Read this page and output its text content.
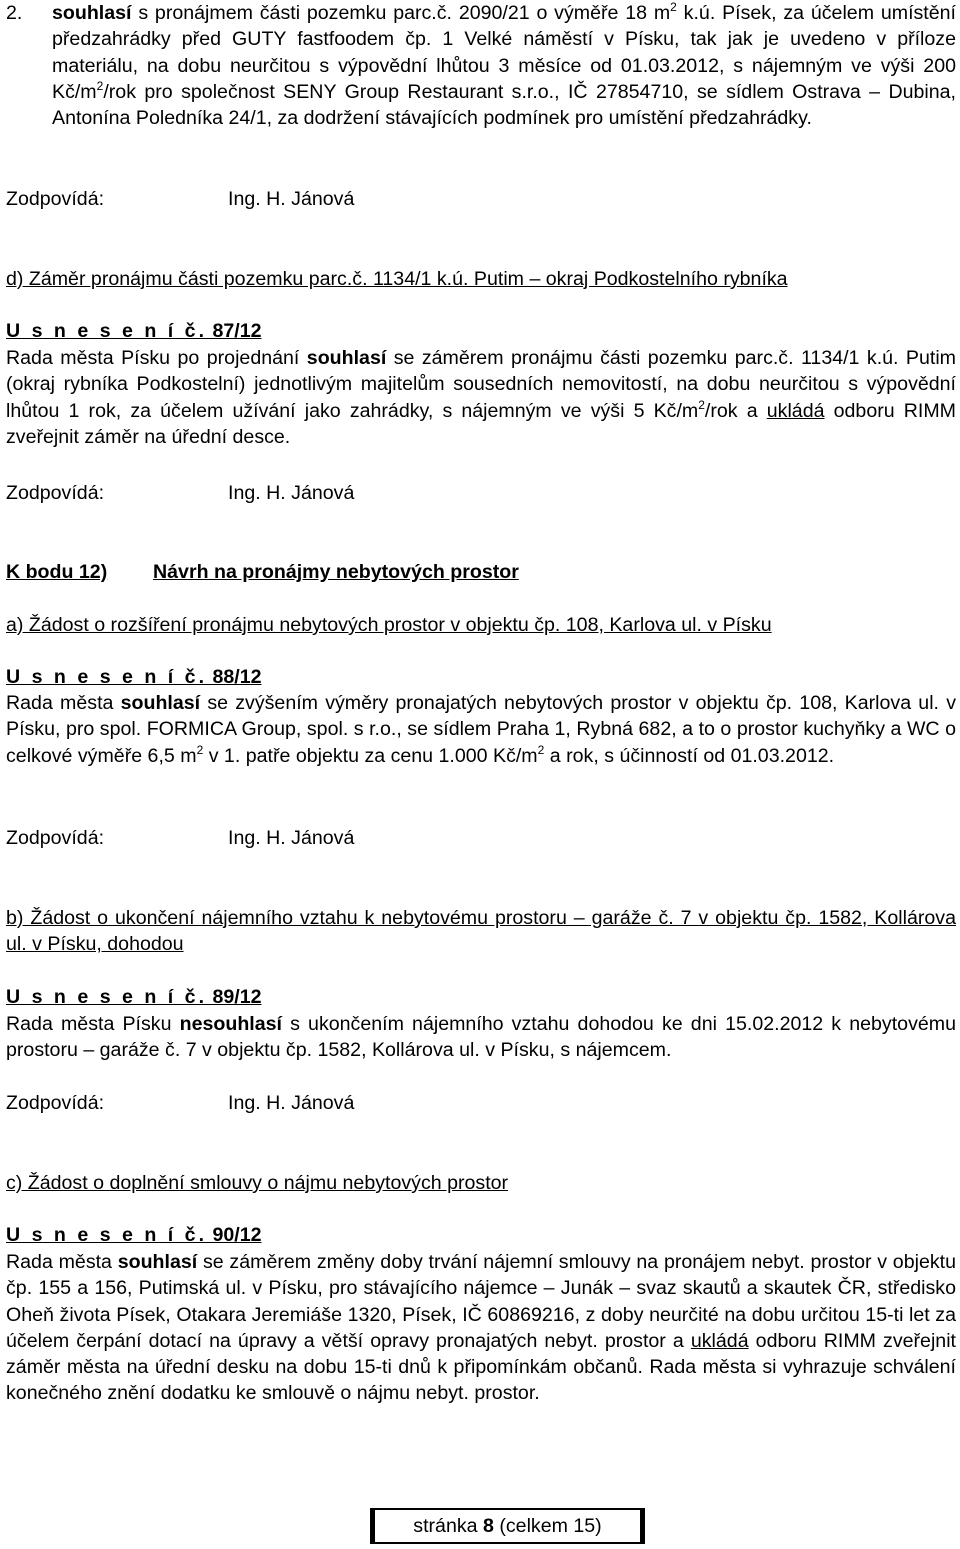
2. souhlasí s pronájmem části pozemku parc.č. 2090/21 o výměře 18 $m^2$ k.ú. Písek, za účelem umístění předzahrádky před GUTY fastfoodem čp. 1 Velké náměstí v Písku, tak jak je uvedeno v příloze materiálu, na dobu neurčitou s výpovědní lhůtou 3 měsíce od 01.03.2012, s nájemným ve výši 200 $Kč/m^2$/rok pro společnost SENY Group Restaurant s.r.o., IČ 27854710, se sídlem Ostrava – Dubina, Antonína Poledníka 24/1, za dodržení stávajících podmínek pro umístění předzahrádky.

Zodpovídá:	Ing. H. Jánová

d) Záměr pronájmu části pozemku parc.č. 1134/1 k.ú. Putim – okraj Podkostelního rybníka

U s n e s e n í č. 87/12

Rada města Písku po projednání souhlasí se záměrem pronájmu části pozemku parc.č. 1134/1 k.ú. Putim (okraj rybníka Podkostelní) jednotlivým majitelům sousedních nemovitostí, na dobu neurčitou s výpovědní lhůtou 1 rok, za účelem užívání jako zahrádky, s nájemným ve výši 5 $Kč/m^2$/rok a ukládá odboru RIMM zveřejnit záměr na úřední desce.

Zodpovídá:	Ing. H. Jánová

K bodu 12) Návrh na pronájmy nebytových prostor

a) Žádost o rozšíření pronájmu nebytových prostor v objektu čp. 108, Karlova ul. v Písku

U s n e s e n í č. 88/12

Rada města souhlasí se zvýšením výměry pronajatých nebytových prostor v objektu čp. 108, Karlova ul. v Písku, pro spol. FORMICA Group, spol. s r.o., se sídlem Praha 1, Rybná 682, a to o prostor kuchyňky a WC o celkové výměře 6,5 $m^2$ v 1. patře objektu za cenu 1.000 $Kč/m^2$ a rok, s účinností od 01.03.2012.

Zodpovídá:	Ing. H. Jánová

b) Žádost o ukončení nájemního vztahu k nebytovému prostoru – garáže č. 7 v objektu čp. 1582, Kollárova ul. v Písku, dohodou

U s n e s e n í č. 89/12

Rada města Písku nesouhlasí s ukončením nájemního vztahu dohodou ke dni 15.02.2012 k nebytovému prostoru – garáže č. 7 v objektu čp. 1582, Kollárova ul. v Písku, s nájemcem.

Zodpovídá:	Ing. H. Jánová

c) Žádost o doplnění smlouvy o nájmu nebytových prostor

U s n e s e n í č. 90/12

Rada města souhlasí se záměrem změny doby trvání nájemní smlouvy na pronájem nebyt. prostor v objektu čp. 155 a 156, Putimská ul. v Písku, pro stávajícího nájemce – Junák – svaz skautů a skautek ČR, středisko Oheň života Písek, Otakara Jeremiáše 1320, Písek, IČ 60869216, z doby neurčité na dobu určitou 15-ti let za účelem čerpání dotací na úpravy a větší opravy pronajatých nebyt. prostor a ukládá odboru RIMM zveřejnit záměr města na úřední desku na dobu 15-ti dnů k připomínkám občanů. Rada města si vyhrazuje schválení konečného znění dodatku ke smlouvě o nájmu nebyt. prostor.

stránka 8 (celkem 15)
